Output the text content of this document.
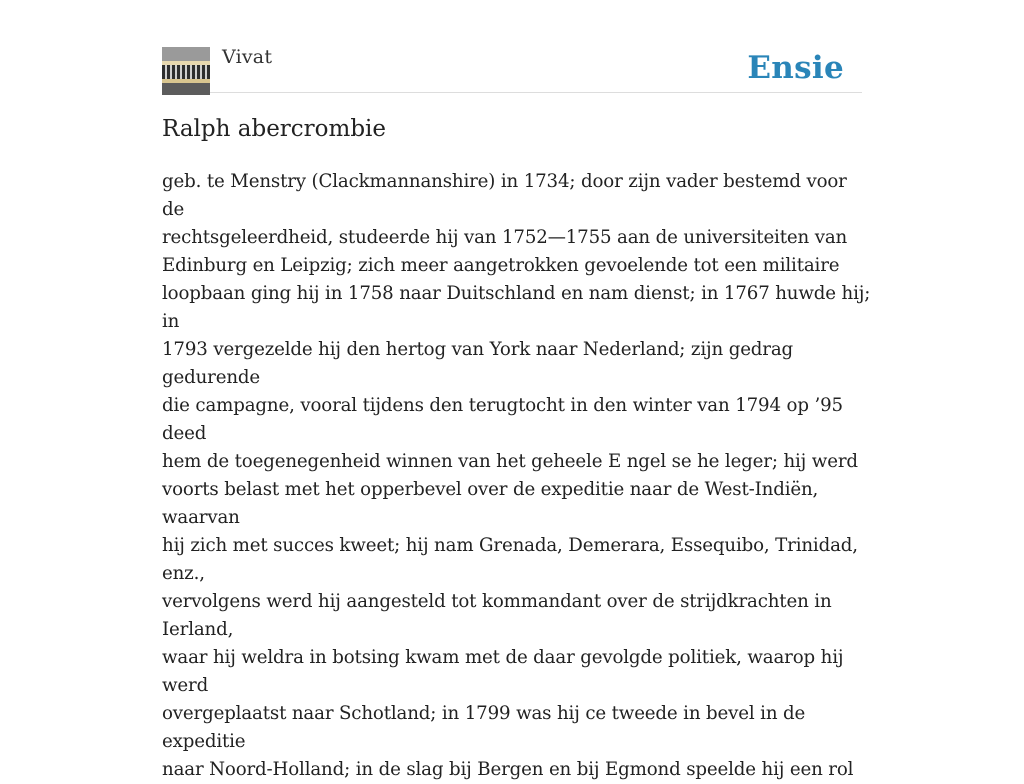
Vivat	Ensie
Ralph abercrombie

geb. te Menstry (Clackmannanshire) in 1734; door zijn vader bestemd voor de
rechtsgeleerdheid, studeerde hij van 1752—1755 aan de universiteiten van
Edinburg en Leipzig; zich meer aangetrokken gevoelende tot een militaire
loopbaan ging hij in 1758 naar Duitschland en nam dienst; in 1767 huwde hij; in
1793 vergezelde hij den hertog van York naar Nederland; zijn gedrag gedurende
die campagne, vooral tijdens den terugtocht in den winter van 1794 op ’95 deed
hem de toegenegenheid winnen van het geheele E ngel se he leger; hij werd
voorts belast met het opperbevel over de expeditie naar de West-Indiën, waarvan
hij zich met succes kweet; hij nam Grenada, Demerara, Essequibo, Trinidad, enz.,
vervolgens werd hij aangesteld tot kommandant over de strijdkrachten in Ierland,
waar hij weldra in botsing kwam met de daar gevolgde politiek, waarop hij werd
overgeplaatst naar Schotland; in 1799 was hij ce tweede in bevel in de expeditie
naar Noord-Holland; in de slag bij Bergen en bij Egmond speelde hij een rol
